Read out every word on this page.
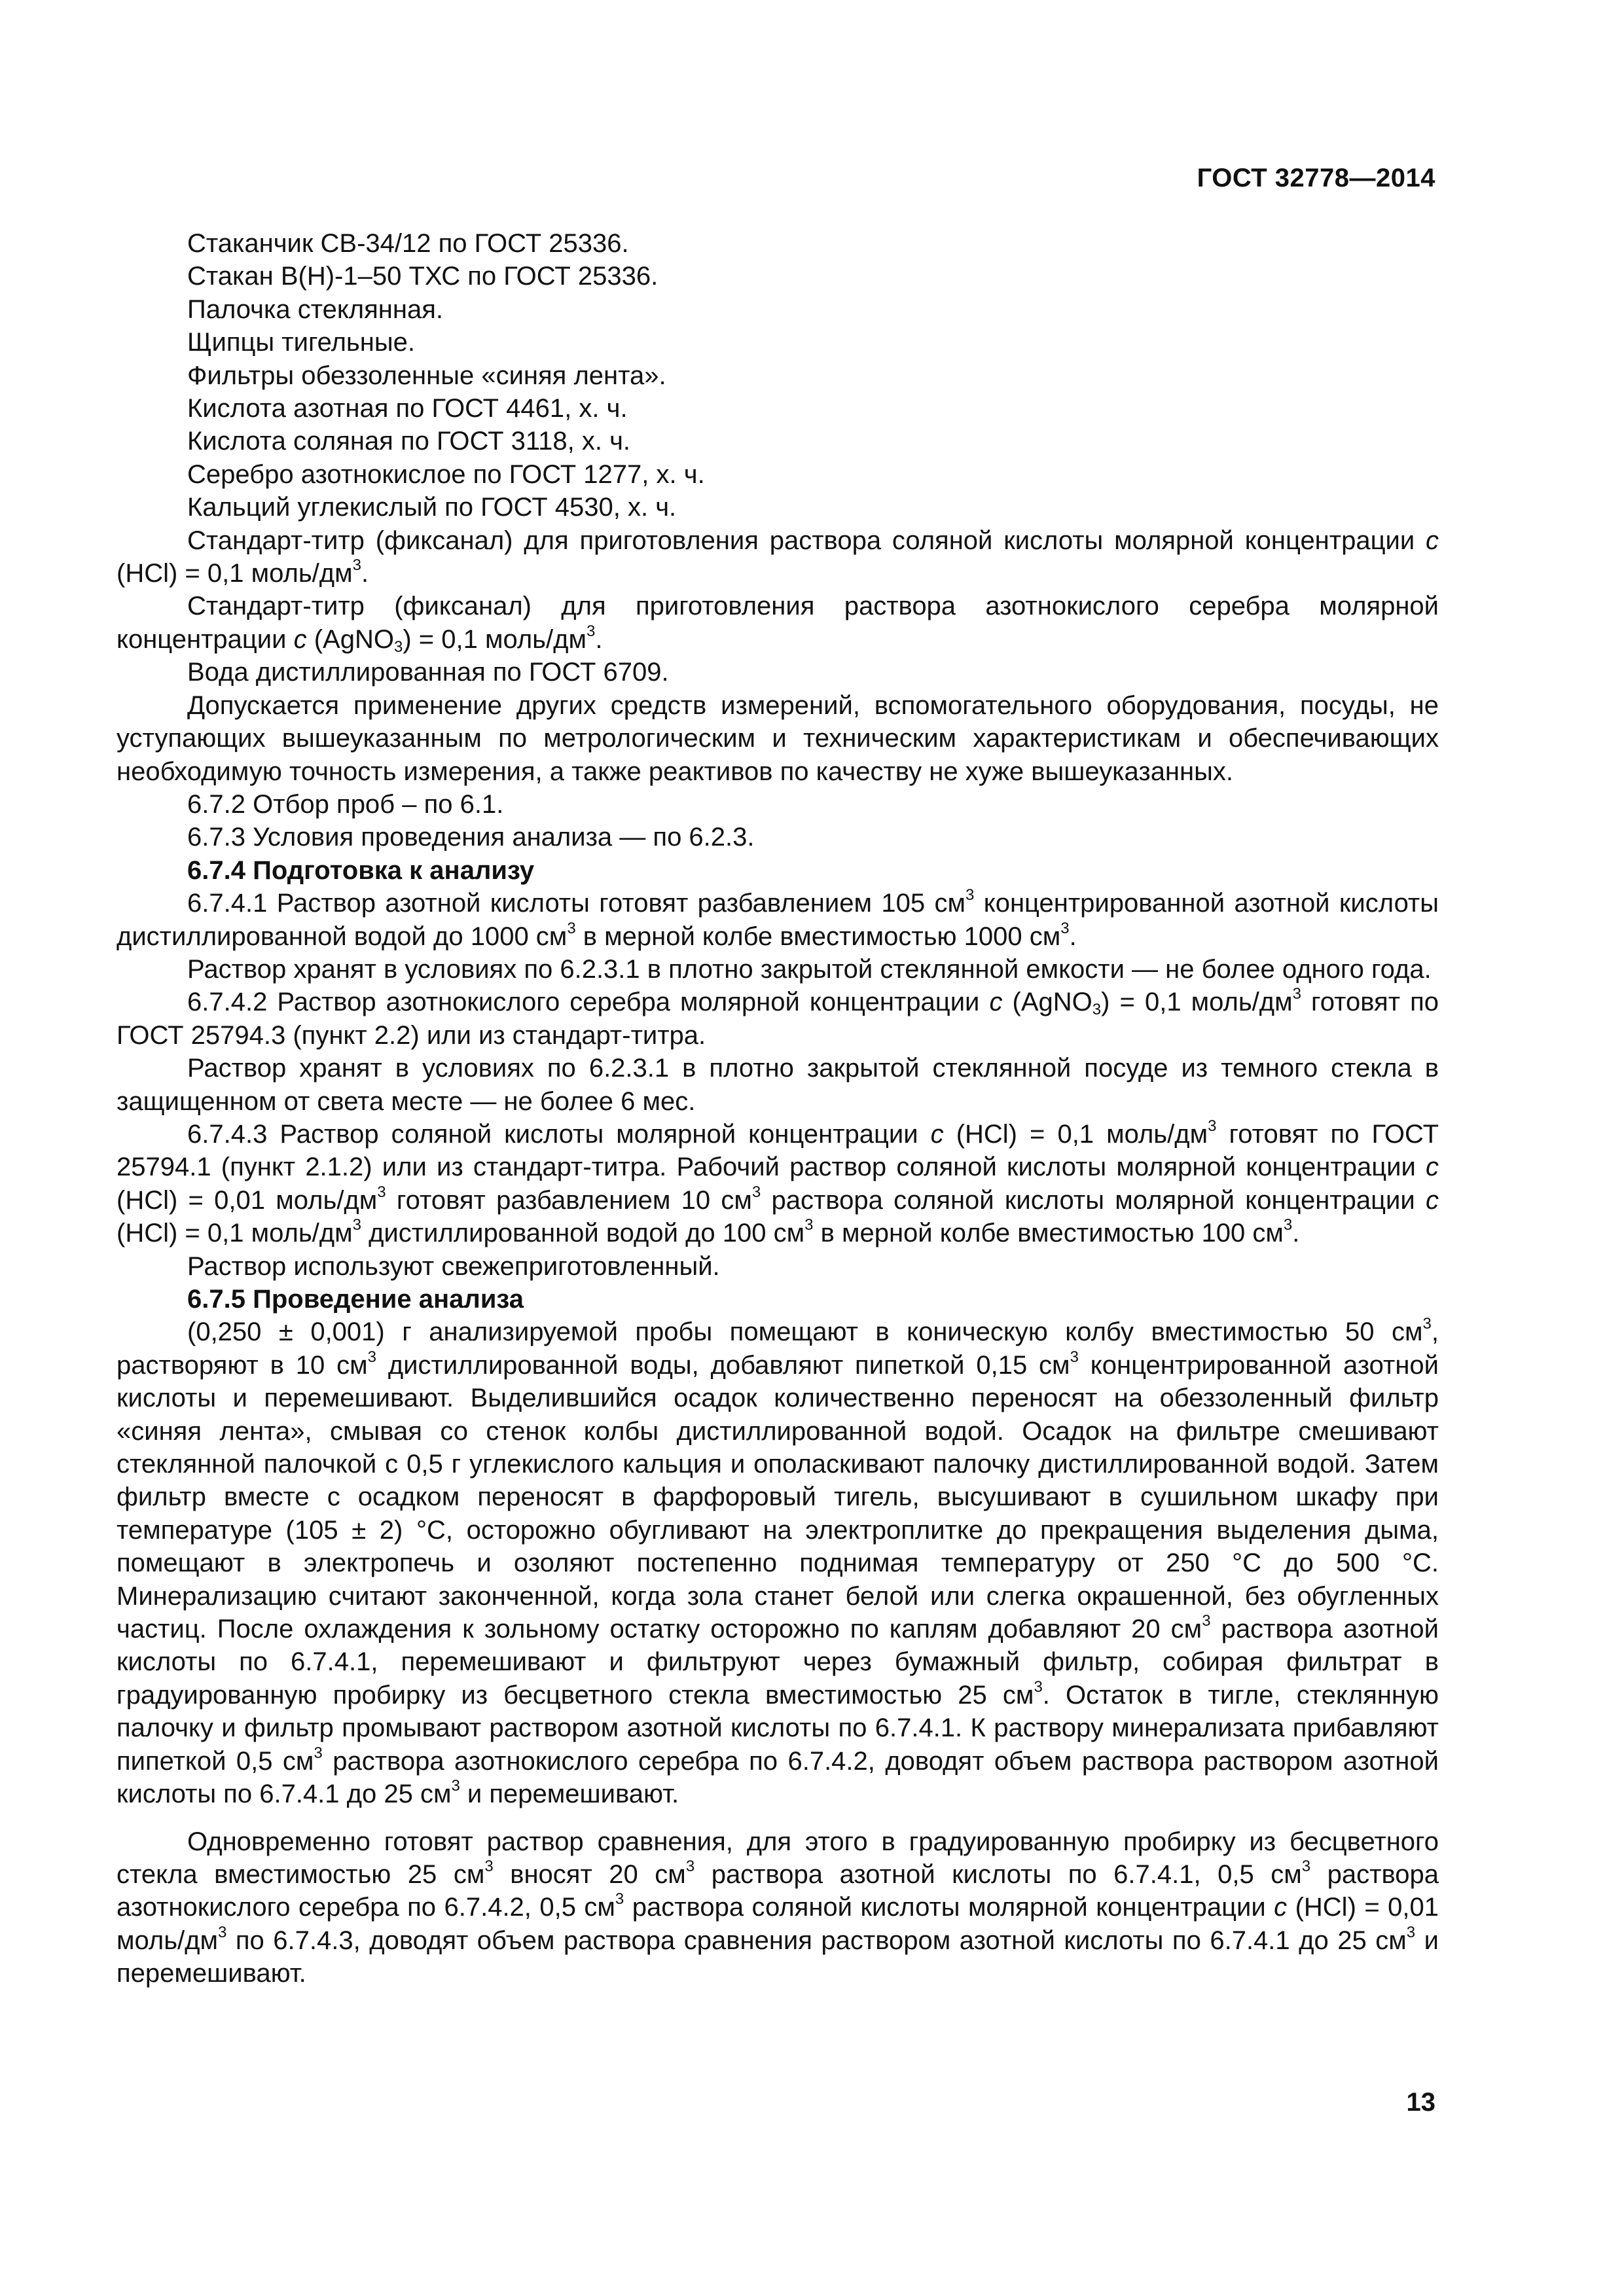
ГОСТ 32778—2014

Стаканчик СВ-34/12 по ГОСТ 25336.

Стакан В(Н)-1–50 ТХС по ГОСТ 25336.

Палочка стеклянная.

Щипцы тигельные.

Фильтры обеззоленные «синяя лента».

Кислота азотная по ГОСТ 4461, х. ч.

Кислота соляная по ГОСТ 3118, х. ч.

Серебро азотнокислое по ГОСТ 1277, х. ч.

Кальций углекислый по ГОСТ 4530, х. ч.

Стандарт-титр (фиксанал) для приготовления раствора соляной кислоты молярной концентрации c (HCl) = 0,1 моль/$дм^3$.

Стандарт-титр (фиксанал) для приготовления раствора азотнокислого серебра молярной концентрации c (AgNO$_3$) = 0,1 моль/$дм^3$.

Вода дистиллированная по ГОСТ 6709.

Допускается применение других средств измерений, вспомогательного оборудования, посуды, не уступающих вышеуказанным по метрологическим и техническим характеристикам и обеспечивающих необходимую точность измерения, а также реактивов по качеству не хуже вышеуказанных.

6.7.2 Отбор проб – по 6.1.

6.7.3 Условия проведения анализа — по 6.2.3.

6.7.4 Подготовка к анализу

6.7.4.1 Раствор азотной кислоты готовят разбавлением 105 $см^3$ концентрированной азотной кислоты дистиллированной водой до 1000 $см^3$ в мерной колбе вместимостью 1000 $см^3$.

Раствор хранят в условиях по 6.2.3.1 в плотно закрытой стеклянной емкости — не более одного года.

6.7.4.2 Раствор азотнокислого серебра молярной концентрации c (AgNO$_3$) = 0,1 моль/$дм^3$ готовят по ГОСТ 25794.3 (пункт 2.2) или из стандарт-титра.

Раствор хранят в условиях по 6.2.3.1 в плотно закрытой стеклянной посуде из темного стекла в защищенном от света месте — не более 6 мес.

6.7.4.3 Раствор соляной кислоты молярной концентрации c (HCl) = 0,1 моль/$дм^3$ готовят по ГОСТ 25794.1 (пункт 2.1.2) или из стандарт-титра. Рабочий раствор соляной кислоты молярной концентрации c (HCl) = 0,01 моль/$дм^3$ готовят разбавлением 10 $см^3$ раствора соляной кислоты молярной концентрации c (HCl) = 0,1 моль/$дм^3$ дистиллированной водой до 100 $см^3$ в мерной колбе вместимостью 100 $см^3$.

Раствор используют свежеприготовленный.

6.7.5 Проведение анализа

(0,250 ± 0,001) г анализируемой пробы помещают в коническую колбу вместимостью 50 $см^3$, растворяют в 10 $см^3$ дистиллированной воды, добавляют пипеткой 0,15 $см^3$ концентрированной азотной кислоты и перемешивают. Выделившийся осадок количественно переносят на обеззоленный фильтр «синяя лента», смывая со стенок колбы дистиллированной водой. Осадок на фильтре смешивают стеклянной палочкой с 0,5 г углекислого кальция и ополаскивают палочку дистиллированной водой. Затем фильтр вместе с осадком переносят в фарфоровый тигель, высушивают в сушильном шкафу при температуре (105 ± 2) °С, осторожно обугливают на электроплитке до прекращения выделения дыма, помещают в электропечь и озоляют постепенно поднимая температуру от 250 °С до 500 °С. Минерализацию считают законченной, когда зола станет белой или слегка окрашенной, без обугленных частиц. После охлаждения к зольному остатку осторожно по каплям добавляют 20 $см^3$ раствора азотной кислоты по 6.7.4.1, перемешивают и фильтруют через бумажный фильтр, собирая фильтрат в градуированную пробирку из бесцветного стекла вместимостью 25 $см^3$. Остаток в тигле, стеклянную палочку и фильтр промывают раствором азотной кислоты по 6.7.4.1. К раствору минерализата прибавляют пипеткой 0,5 $см^3$ раствора азотнокислого серебра по 6.7.4.2, доводят объем раствора раствором азотной кислоты по 6.7.4.1 до 25 $см^3$ и перемешивают.

Одновременно готовят раствор сравнения, для этого в градуированную пробирку из бесцветного стекла вместимостью 25 $см^3$ вносят 20 $см^3$ раствора азотной кислоты по 6.7.4.1, 0,5 $см^3$ раствора азотнокислого серебра по 6.7.4.2, 0,5 $см^3$ раствора соляной кислоты молярной концентрации c (HCl) = 0,01 моль/$дм^3$ по 6.7.4.3, доводят объем раствора сравнения раствором азотной кислоты по 6.7.4.1 до 25 $см^3$ и перемешивают.

13
